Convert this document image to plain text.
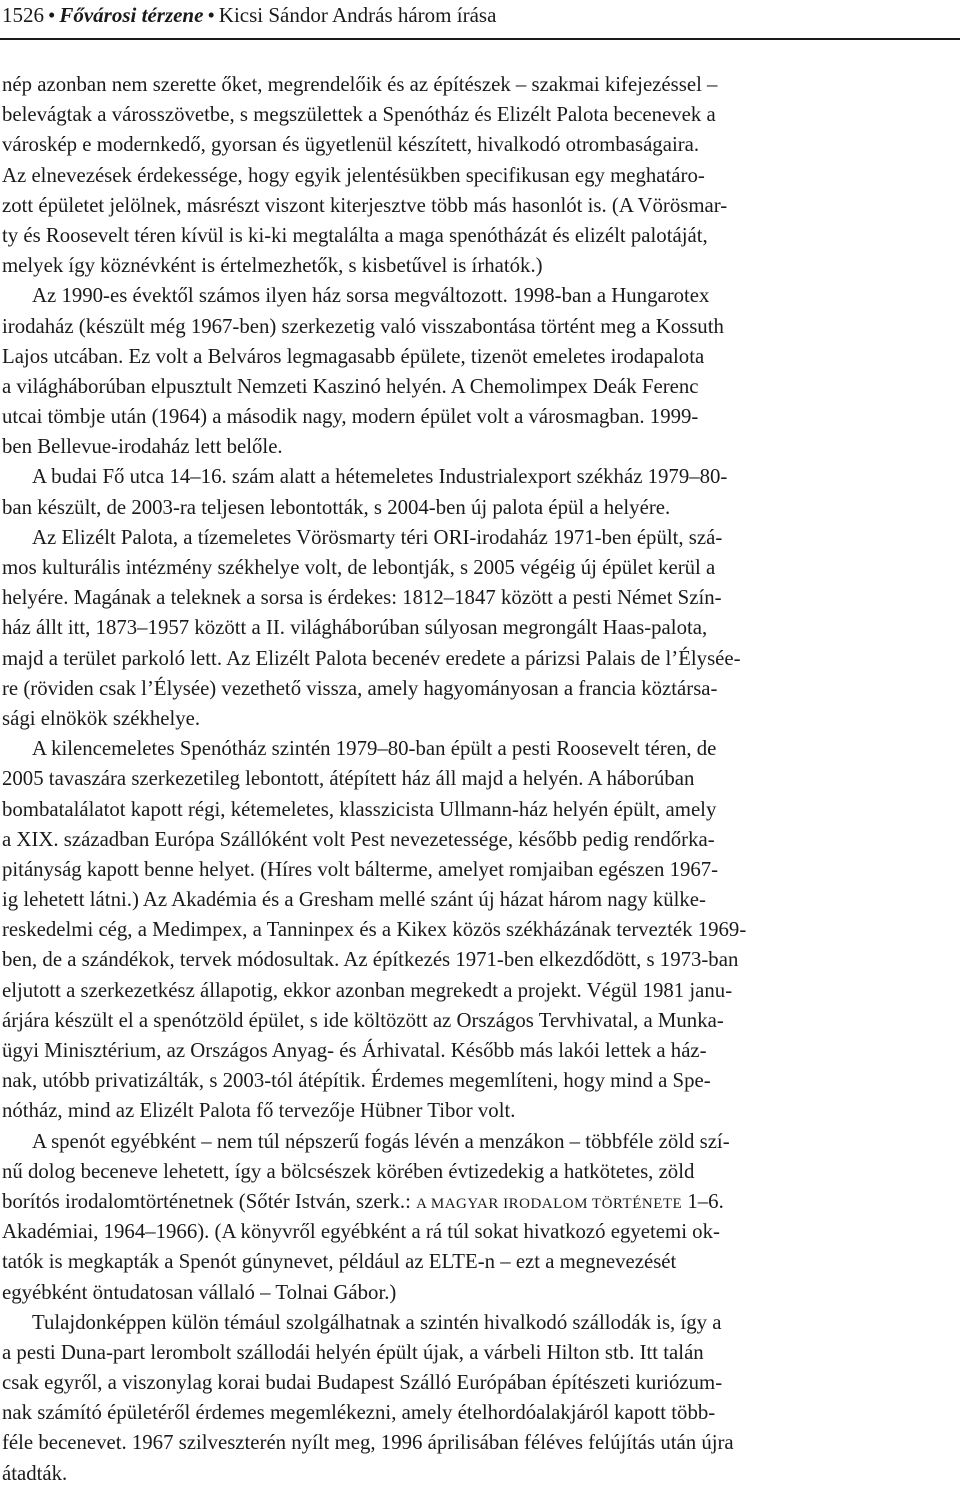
1526 • Fővárosi térzene • Kicsi Sándor András három írása
nép azonban nem szerette őket, megrendelőik és az építészek – szakmai kifejezéssel –
belevágtak a városszövetbe, s megszülettek a Spenótház és Elizélt Palota becenevek a
városkép e modernkedő, gyorsan és ügyetlenül készített, hivalkodó otrombaságaira.
Az elnevezések érdekessége, hogy egyik jelentésükben specifikusan egy meghatáro-
zott épületet jelölnek, másrészt viszont kiterjesztve több más hasonlót is. (A Vörösmar-
ty és Roosevelt téren kívül is ki-ki megtalálta a maga spenótházát és elizélt palotáját,
melyek így köznévként is értelmezhetők, s kisbetűvel is írhatók.)
Az 1990-es évektől számos ilyen ház sorsa megváltozott. 1998-ban a Hungarotex
irodaház (készült még 1967-ben) szerkezetig való visszabontása történt meg a Kossuth
Lajos utcában. Ez volt a Belváros legmagasabb épülete, tizenöt emeletes irodapalota
a világháborúban elpusztult Nemzeti Kaszinó helyén. A Chemolimpex Deák Ferenc
utcai tömbje után (1964) a második nagy, modern épület volt a városmagban. 1999-
ben Bellevue-irodaház lett belőle.
A budai Fő utca 14–16. szám alatt a hétemeletes Industrialexport székház 1979–80-
ban készült, de 2003-ra teljesen lebontották, s 2004-ben új palota épül a helyére.
Az Elizélt Palota, a tízemeletes Vörösmarty téri ORI-irodaház 1971-ben épült, szá-
mos kulturális intézmény székhelye volt, de lebontják, s 2005 végéig új épület kerül a
helyére. Magának a teleknek a sorsa is érdekes: 1812–1847 között a pesti Német Szín-
ház állt itt, 1873–1957 között a II. világháborúban súlyosan megrongált Haas-palota,
majd a terület parkoló lett. Az Elizélt Palota becenév eredete a párizsi Palais de l’Élysée-
re (röviden csak l’Élysée) vezethető vissza, amely hagyományosan a francia köztársa-
sági elnökök székhelye.
A kilencemeletes Spenótház szintén 1979–80-ban épült a pesti Roosevelt téren, de
2005 tavaszára szerkezetileg lebontott, átépített ház áll majd a helyén. A háborúban
bombatalálatot kapott régi, kétemeletes, klasszicista Ullmann-ház helyén épült, amely
a XIX. században Európa Szállóként volt Pest nevezetessége, később pedig rendőrka-
pitányság kapott benne helyet. (Híres volt bálterme, amelyet romjaiban egészen 1967-
ig lehetett látni.) Az Akadémia és a Gresham mellé szánt új házat három nagy külke-
reskedelmi cég, a Medimpex, a Tanninpex és a Kikex közös székházának tervezték 1969-
ben, de a szándékok, tervek módosultak. Az építkezés 1971-ben elkezdődött, s 1973-ban
eljutott a szerkezetkész állapotig, ekkor azonban megrekedt a projekt. Végül 1981 janu-
árjára készült el a spenótzöld épület, s ide költözött az Országos Tervhivatal, a Munka-
ügyi Minisztérium, az Országos Anyag- és Árhivatal. Később más lakói lettek a ház-
nak, utóbb privatizálták, s 2003-tól átépítik. Érdemes megemlíteni, hogy mind a Spe-
nótház, mind az Elizélt Palota fő tervezője Hübner Tibor volt.
A spenót egyébként – nem túl népszerű fogás lévén a menzákon – többféle zöld szí-
nű dolog beceneve lehetett, így a bölcsészek körében évtizedekig a hatkötetes, zöld
borítós irodalomtörténetnek (Sőtér István, szerk.: A MAGYAR IRODALOM TÖRTÉNETE 1–6.
Akadémiai, 1964–1966). (A könyvről egyébként a rá túl sokat hivatkozó egyetemi ok-
tatók is megkapták a Spenót gúnynevet, például az ELTE-n – ezt a megnevezését
egyébként öntudatosan vállaló – Tolnai Gábor.)
Tulajdonképpen külön témául szolgálhatnak a szintén hivalkodó szállodák is, így a
a pesti Duna-part lerombolt szállodái helyén épült újak, a várbeli Hilton stb. Itt talán
csak egyről, a viszonylag korai budai Budapest Szálló Európában építészeti kuriózum-
nak számító épületéről érdemes megemlékezni, amely ételhordóalakjáról kapott több-
féle becenevet. 1967 szilveszterén nyílt meg, 1996 áprilisában féléves felújítás után újra
átadták.
